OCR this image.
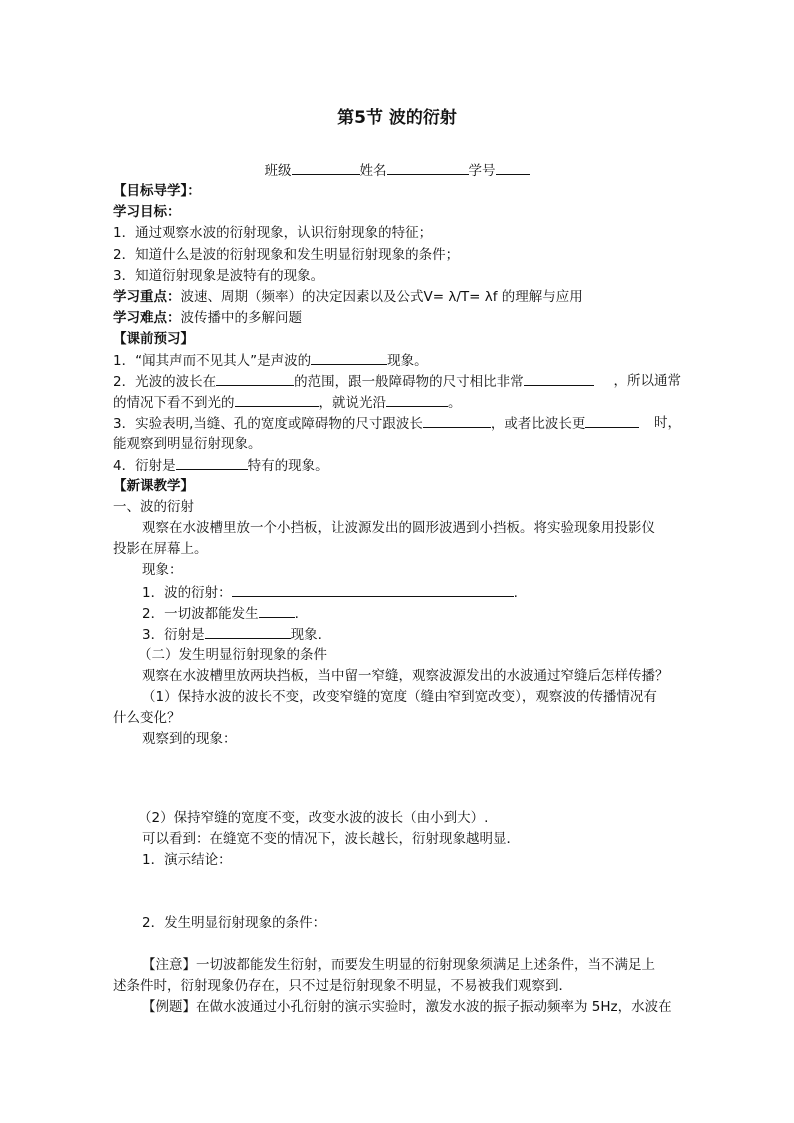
第5节 波的衍射
班级	姓名	学号
【目标导学】：
学习目标：
1．通过观察水波的衍射现象，认识衍射现象的特征；
2．知道什么是波的衍射现象和发生明显衍射现象的条件；
3．知道衍射现象是波特有的现象。
学习重点：波速、周期（频率）的决定因素以及公式V= λ/T= λf 的理解与应用
学习难点：波传播中的多解问题
【课前预习】
1．“闻其声而不见其人”是声波的	现象。
2．光波的波长在	的范围，跟一般障碍物的尺寸相比非常	，所以通常
的情况下看不到光的	，就说光沿	。
3．实验表明,当缝、孔的宽度或障碍物的尺寸跟波长	，或者比波长更	时，
能观察到明显衍射现象。
4．衍射是	特有的现象。
【新课教学】
一、波的衍射
观察在水波槽里放一个小挡板，让波源发出的圆形波遇到小挡板。将实验现象用投影仪
投影在屏幕上。
现象：
1．波的衍射：	.
2．一切波都能发生	.
3．衍射是	现象.
（二）发生明显衍射现象的条件
观察在水波槽里放两块挡板，当中留一窄缝，观察波源发出的水波通过窄缝后怎样传播？
（1）保持水波的波长不变，改变窄缝的宽度（缝由窄到宽改变），观察波的传播情况有
什么变化？
观察到的现象：
（2）保持窄缝的宽度不变，改变水波的波长（由小到大）.
可以看到：在缝宽不变的情况下，波长越长，衍射现象越明显．
1．演示结论：
2．发生明显衍射现象的条件：
【注意】一切波都能发生衍射，而要发生明显的衍射现象须满足上述条件，当不满足上
述条件时，衍射现象仍存在，只不过是衍射现象不明显，不易被我们观察到．
【例题】在做水波通过小孔衍射的演示实验时，激发水波的振子振动频率为 5Hz，水波在
